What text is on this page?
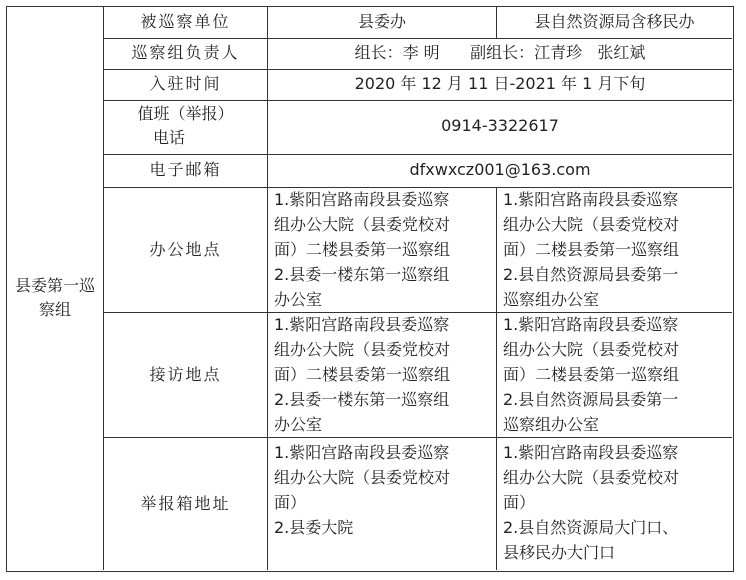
县委第一巡察组
被巡察单位
巡察组负责人
入驻时间
值班（举报）
电话
电子邮箱
县委办	县自然资源局含移民办
组长：李 明      副组长：江青珍   张红斌
2020 年 12 月 11 日-2021 年 1 月下旬
0914-3322617
dfxwxcz001@163.com
办公地点
接访地点
举报箱地址
1.紫阳宫路南段县委巡察
组办公大院（县委党校对
面）二楼县委第一巡察组
2.县委一楼东第一巡察组
办公室
1.紫阳宫路南段县委巡察
组办公大院（县委党校对
面）二楼县委第一巡察组
2.县自然资源局县委第一
巡察组办公室
1.紫阳宫路南段县委巡察
组办公大院（县委党校对
面）二楼县委第一巡察组
2.县委一楼东第一巡察组
办公室
1.紫阳宫路南段县委巡察
组办公大院（县委党校对
面）二楼县委第一巡察组
2.县自然资源局县委第一
巡察组办公室
1.紫阳宫路南段县委巡察
组办公大院（县委党校对
面）
2.县委大院
1.紫阳宫路南段县委巡察
组办公大院（县委党校对
面）
2.县自然资源局大门口、
县移民办大门口
